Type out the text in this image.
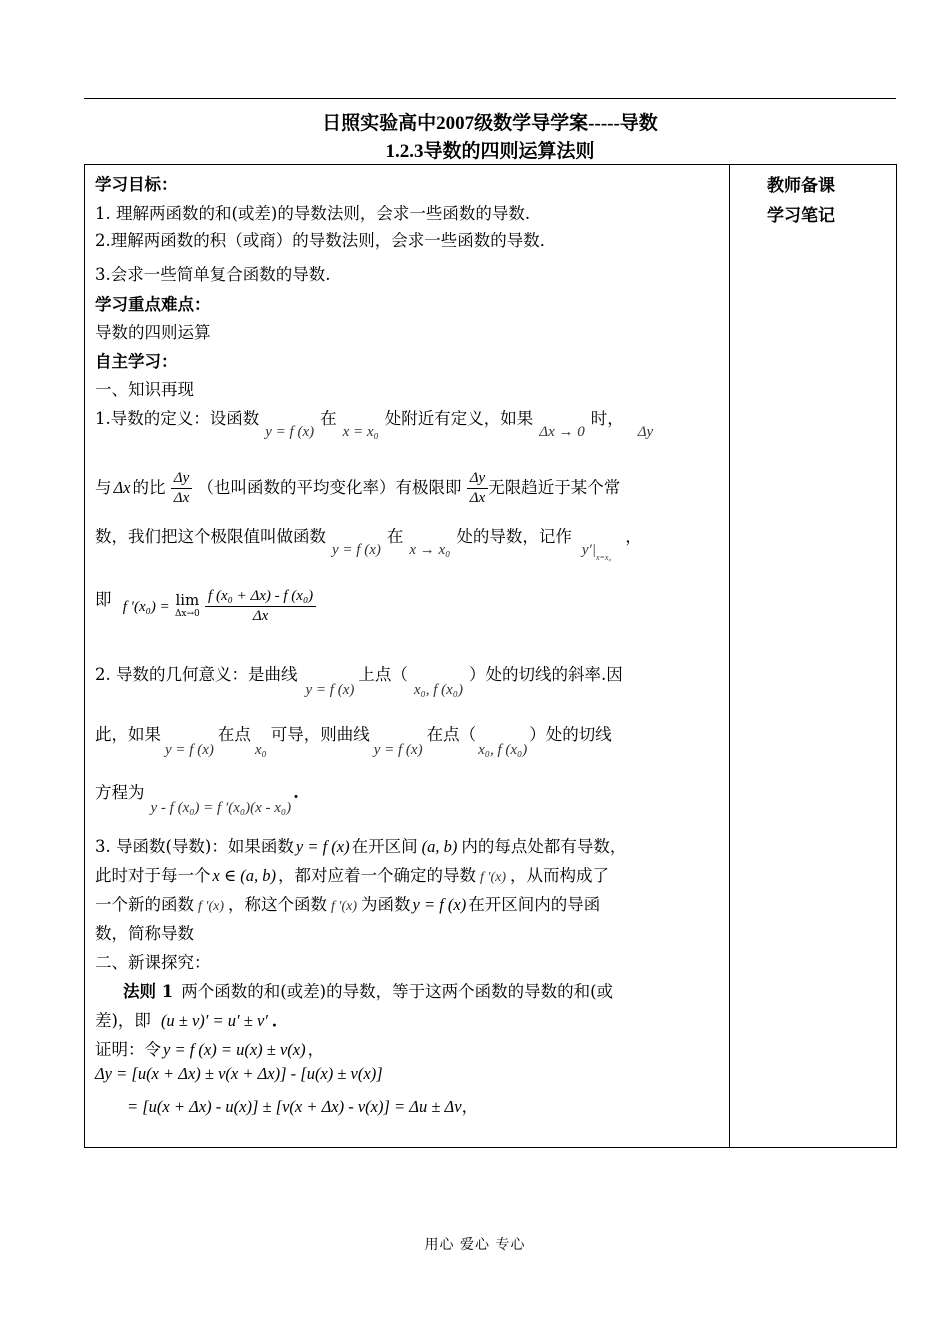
日照实验高中2007级数学导学案-----导数
1.2.3导数的四则运算法则
学习目标：
1. 理解两函数的和(或差)的导数法则，会求一些函数的导数.
2.理解两函数的积（或商）的导数法则，会求一些函数的导数．
3.会求一些简单复合函数的导数.
学习重点难点：
导数的四则运算
自主学习：
一、知识再现
1.导数的定义：设函数y = f (x)在x = x₀处附近有定义，如果Δx → 0时，Δy
与 Δx 的比 $\frac{\Delta y}{\Delta x}$ （也叫函数的平均变化率）有极限即 $\frac{\Delta y}{\Delta x}$ 无限趋近于某个常
数，我们把这个极限值叫做函数y = f (x)在x → x₀处的导数，记作$y'|_{x=x_0}$，
即 f ′(x₀) = lim
Δx→0
$\frac{\text{f (x₀ + Δx) - f (x₀)}}{\Delta x}$
2. 导数的几何意义：是曲线y = f (x)上点（x₀, f (x₀)）处的切线的斜率.因
此，如果y = f (x)在点x₀可导，则曲线y = f (x)在点（x₀, f (x₀)）处的切线
方程为y - f (x₀) = f ′(x₀)(x - x₀).
3. 导函数(导数)：如果函数 y = f (x) 在开区间 (a, b) 内的每点处都有导数，
此时对于每一个 x ∈ (a, b) ，都对应着一个确定的导数 f ′(x) ，从而构成了
一个新的函数 f ′(x) ，称这个函数 f ′(x) 为函数 y = f (x) 在开区间内的导函
数，简称导数
二、新课探究：
法则 1 两个函数的和(或差)的导数，等于这两个函数的导数的和(或
差)，即 (u ± v)′ = u′ ± v′ ．
证明：令 y = f (x) = u(x) ± v(x) ，
Δy = [u(x + Δx) ± v(x + Δx)] - [u(x) ± v(x)]
= [u(x + Δx) - u(x)] ± [v(x + Δx) - v(x)] = Δu ± Δv，

教师备课
学习笔记
用心 爱心 专心
